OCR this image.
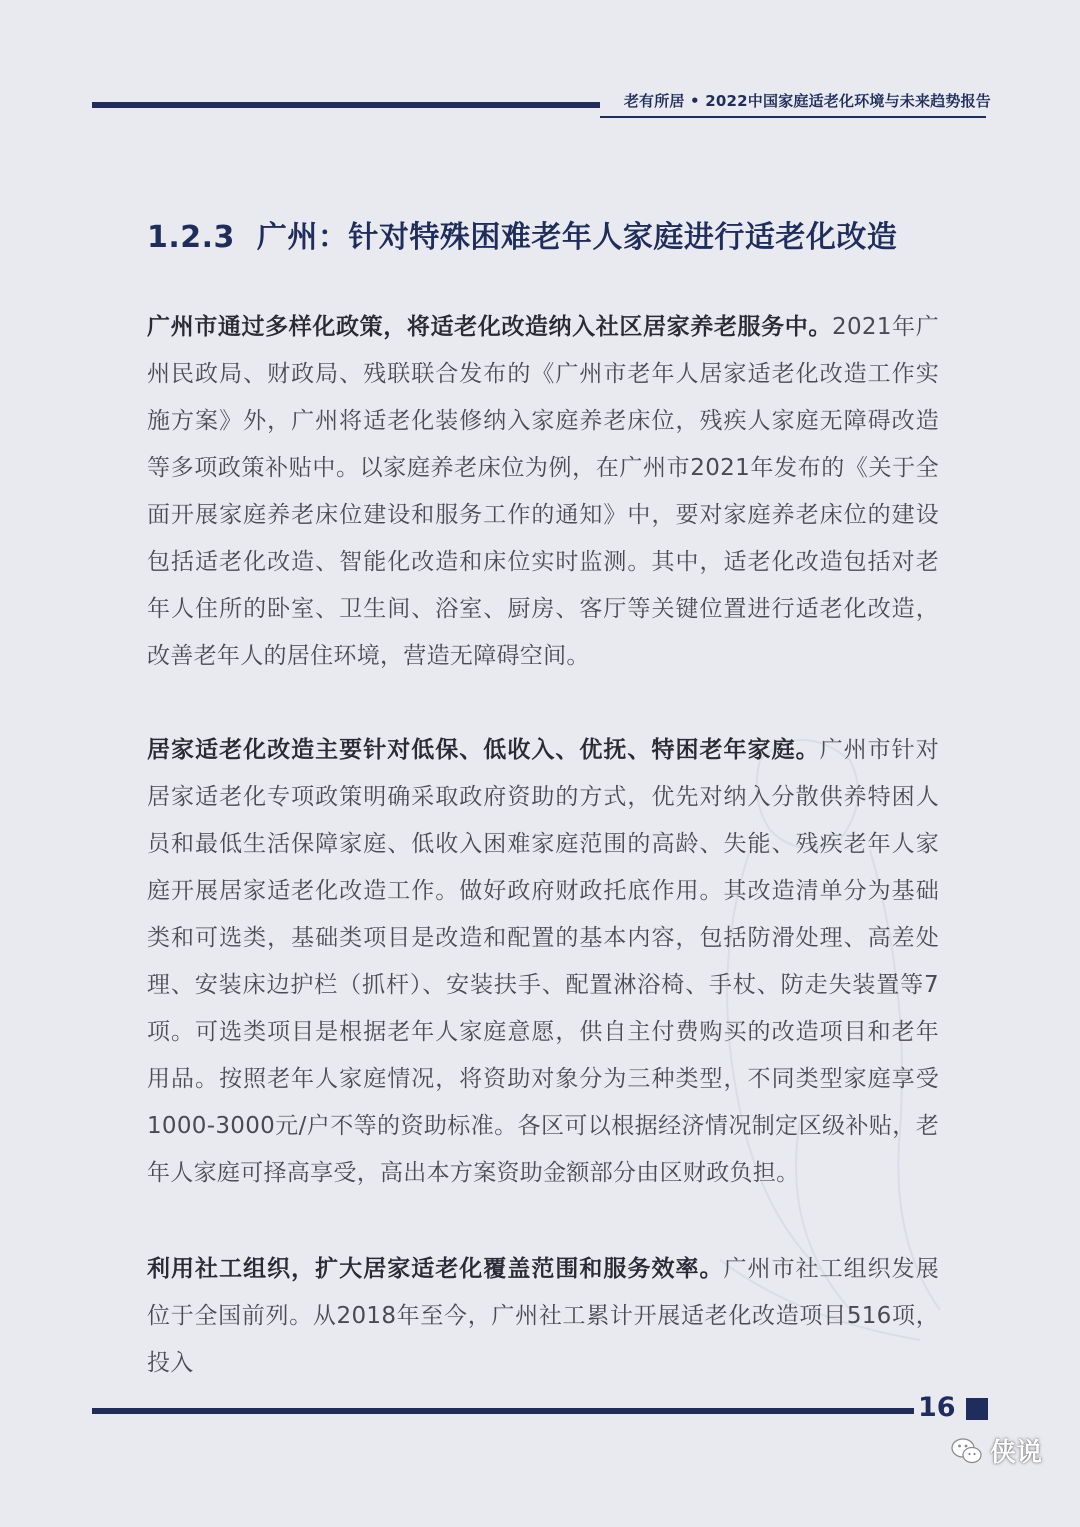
老有所居 • 2022中国家庭适老化环境与未来趋势报告
1.2.3 广州：针对特殊困难老年人家庭进行适老化改造
广州市通过多样化政策，将适老化改造纳入社区居家养老服务中。2021年广州民政局、财政局、残联联合发布的《广州市老年人居家适老化改造工作实施方案》外，广州将适老化装修纳入家庭养老床位，残疾人家庭无障碍改造等多项政策补贴中。以家庭养老床位为例，在广州市2021年发布的《关于全面开展家庭养老床位建设和服务工作的通知》中，要对家庭养老床位的建设包括适老化改造、智能化改造和床位实时监测。其中，适老化改造包括对老年人住所的卧室、卫生间、浴室、厨房、客厅等关键位置进行适老化改造，改善老年人的居住环境，营造无障碍空间。
居家适老化改造主要针对低保、低收入、优抚、特困老年家庭。广州市针对居家适老化专项政策明确采取政府资助的方式，优先对纳入分散供养特困人员和最低生活保障家庭、低收入困难家庭范围的高龄、失能、残疾老年人家庭开展居家适老化改造工作。做好政府财政托底作用。其改造清单分为基础类和可选类，基础类项目是改造和配置的基本内容，包括防滑处理、高差处理、安装床边护栏（抓杆）、安装扶手、配置淋浴椅、手杖、防走失装置等7项。可选类项目是根据老年人家庭意愿，供自主付费购买的改造项目和老年用品。按照老年人家庭情况，将资助对象分为三种类型，不同类型家庭享受1000-3000元/户不等的资助标准。各区可以根据经济情况制定区级补贴，老年人家庭可择高享受，高出本方案资助金额部分由区财政负担。
利用社工组织，扩大居家适老化覆盖范围和服务效率。广州市社工组织发展位于全国前列。从2018年至今，广州社工累计开展适老化改造项目516项，投入
16
侠说
